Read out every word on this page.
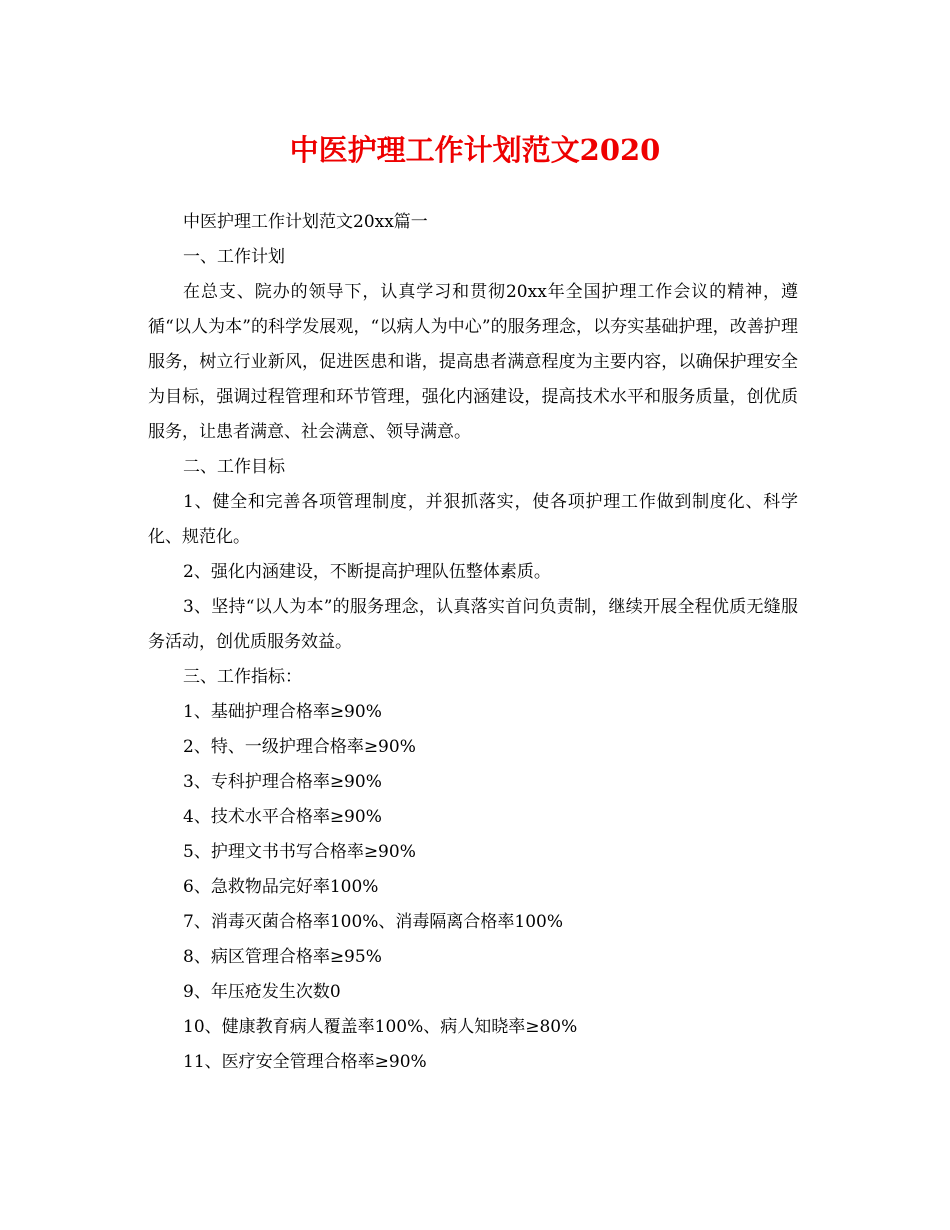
中医护理工作计划范文2020

中医护理工作计划范文20xx篇一

一、工作计划

在总支、院办的领导下，认真学习和贯彻20xx年全国护理工作会议的精神，遵循“以人为本”的科学发展观，“以病人为中心”的服务理念，以夯实基础护理，改善护理服务，树立行业新风，促进医患和谐，提高患者满意程度为主要内容，以确保护理安全为目标，强调过程管理和环节管理，强化内涵建设，提高技术水平和服务质量，创优质服务，让患者满意、社会满意、领导满意。

二、工作目标

1、健全和完善各项管理制度，并狠抓落实，使各项护理工作做到制度化、科学化、规范化。

2、强化内涵建设，不断提高护理队伍整体素质。

3、坚持“以人为本”的服务理念，认真落实首问负责制，继续开展全程优质无缝服务活动，创优质服务效益。

三、工作指标：

1、基础护理合格率≥90%

2、特、一级护理合格率≥90%

3、专科护理合格率≥90%

4、技术水平合格率≥90%

5、护理文书书写合格率≥90%

6、急救物品完好率100%

7、消毒灭菌合格率100%、消毒隔离合格率100%

8、病区管理合格率≥95%

9、年压疮发生次数0

10、健康教育病人覆盖率100%、病人知晓率≥80%

11、医疗安全管理合格率≥90%
